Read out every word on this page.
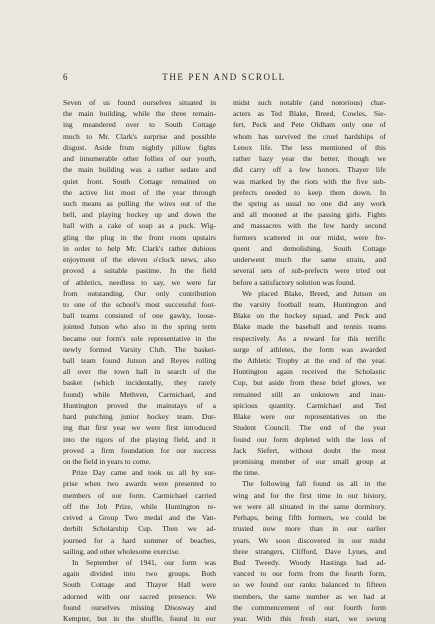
6	THE PEN AND SCROLL
Seven of us found ourselves situated in
the main building, while the three remain-
ing meandered over to South Cottage
much to Mr. Clark's surprise and possible
disgust. Aside from nightly pillow fights
and innumerable other follies of our youth,
the main building was a rather sedate and
quiet front. South Cottage remained on
the active list most of the year through
such means as pulling the wires out of the
bell, and playing hockey up and down the
hall with a cake of soap as a puck. Wig-
gling the plug in the front room upstairs
in order to help Mr. Clark's rather dubious
enjoyment of the eleven o'clock news, also
proved a suitable pastime. In the field
of athletics, needless to say, we were far
from outstanding. Our only contribution
to one of the school's most successful foot-
ball teams consisted of one gawky, loose-
jointed Jutson who also in the spring term
became our form's sole representative in the
newly formed Varsity Club. The basket-
ball team found Jutson and Reyes rolling
all over the town hall in search of the
basket (which incidentally, they rarely
found) while Methven, Carmichael, and
Huntington proved the mainstays of a
hard punching junior hockey team. Dur-
ing that first year we were first introduced
into the rigors of the playing field, and it
proved a firm foundation for our success
on the field in years to come.
Prize Day came and took us all by sur-
prise when two awards were presented to
members of our form. Carmichael carried
off the Job Prize, while Huntington re-
ceived a Group Two medal and the Van-
derbilt Scholarship Cup. Then we ad-
journed for a hard summer of beaches,
sailing, and other wholesome exercise.
In September of 1941, our form was
again divided into two groups. Both
South Cottage and Thayer Hall were
adorned with our sacred presence. We
found ourselves missing Disosway and
Kempter, but in the shuffle, found in our
midst such notable (and notorious) char-
acters as Ted Blake, Breed, Cowles, Sie-
fert, Peck and Pete Oldham only one of
whom has survived the cruel hardships of
Lenox life. The less mentioned of this
rather hazy year the better, though we
did carry off a few honors. Thayer life
was marked by the riots with the five sub-
prefects needed to keep them down. In
the spring as usual no one did any work
and all mooned at the passing girls. Fights
and massacres with the few hardy second
formers scattered in our midst, were fre-
quent and demolishing. South Cottage
underwent much the same strain, and
several sets of sub-prefects were tried out
before a satisfactory solution was found.
We placed Blake, Breed, and Jutson on
the varsity football team, Huntington and
Blake on the hockey squad, and Peck and
Blake made the baseball and tennis teams
respectively. As a reward for this terrific
surge of athletes, the form was awarded
the Athletic Trophy at the end of the year.
Huntington again received the Scholastic
Cup, but aside from these brief glows, we
remained still an unknown and inau-
spicious quantity. Carmichael and Ted
Blake were our representatives on the
Student Council. The end of the year
found our form depleted with the loss of
Jack Siefert, without doubt the most
promising member of our small group at
the time.
The following fall found us all in the
wing and for the first time in our history,
we were all situated in the same dormitory.
Perhaps, being fifth formers, we could be
trusted now more than in our earlier
years. We soon discovered in our midst
three strangers, Clifford, Dave Lynes, and
Bud Tweedy. Woody Hastings had ad-
vanced to our form from the fourth form,
so we found our ranks balanced to fifteen
members, the same number as we had at
the commencement of our fourth form
year. With this fresh start, we swung
